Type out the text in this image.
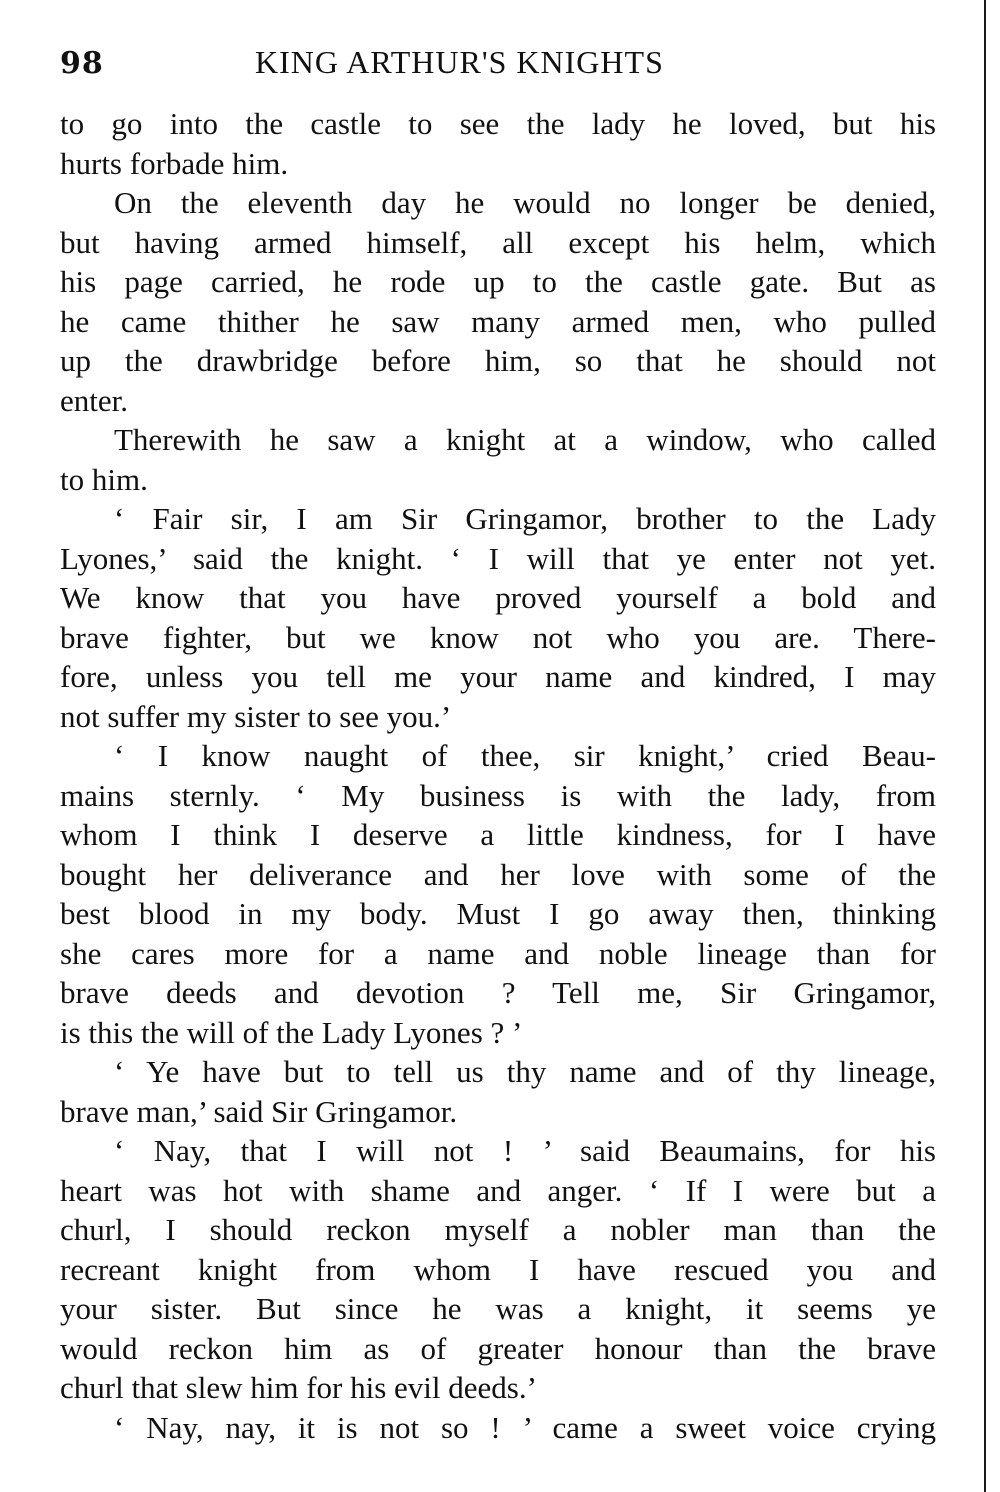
98	KING ARTHUR'S KNIGHTS
to go into the castle to see the lady he loved, but his
hurts forbade him.
On the eleventh day he would no longer be denied,
but having armed himself, all except his helm, which
his page carried, he rode up to the castle gate. But as
he came thither he saw many armed men, who pulled
up the drawbridge before him, so that he should not
enter.
Therewith he saw a knight at a window, who called
to him.
‘ Fair sir, I am Sir Gringamor, brother to the Lady
Lyones,’ said the knight. ‘ I will that ye enter not yet.
We know that you have proved yourself a bold and
brave fighter, but we know not who you are. There-
fore, unless you tell me your name and kindred, I may
not suffer my sister to see you.’
‘ I know naught of thee, sir knight,’ cried Beau-
mains sternly. ‘ My business is with the lady, from
whom I think I deserve a little kindness, for I have
bought her deliverance and her love with some of the
best blood in my body. Must I go away then, thinking
she cares more for a name and noble lineage than for
brave deeds and devotion ? Tell me, Sir Gringamor,
is this the will of the Lady Lyones ? ’
‘ Ye have but to tell us thy name and of thy lineage,
brave man,’ said Sir Gringamor.
‘ Nay, that I will not ! ’ said Beaumains, for his
heart was hot with shame and anger. ‘ If I were but a
churl, I should reckon myself a nobler man than the
recreant knight from whom I have rescued you and
your sister. But since he was a knight, it seems ye
would reckon him as of greater honour than the brave
churl that slew him for his evil deeds.’
‘ Nay, nay, it is not so ! ’ came a sweet voice crying
